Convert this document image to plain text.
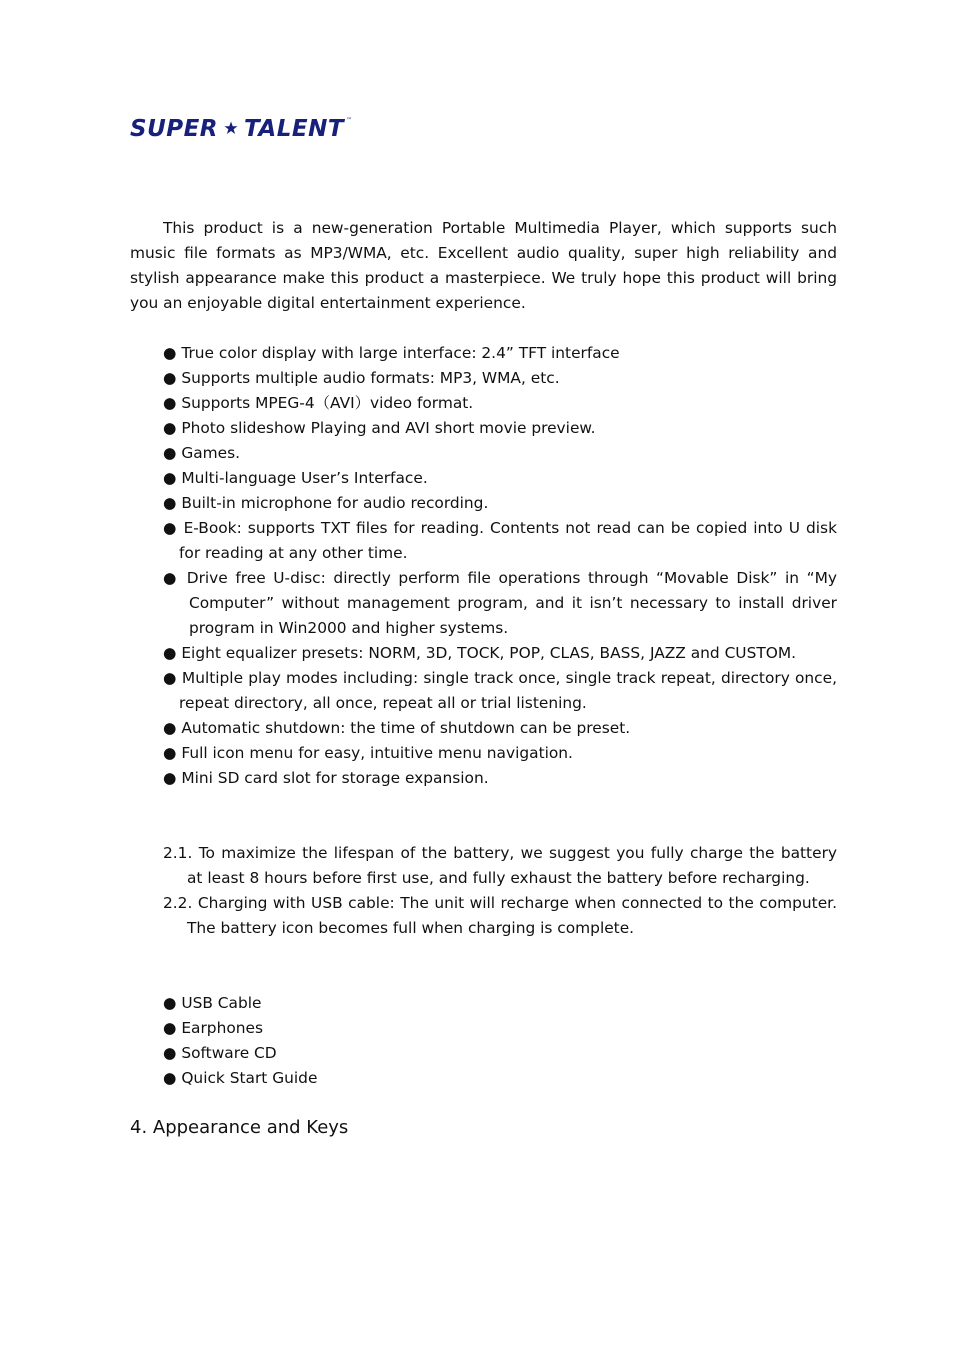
SUPER TALENT ™

This product is a new-generation Portable Multimedia Player, which supports such music file formats as MP3/WMA, etc. Excellent audio quality, super high reliability and stylish appearance make this product a masterpiece. We truly hope this product will bring you an enjoyable digital entertainment experience.

● True color display with large interface: 2.4” TFT interface
● Supports multiple audio formats: MP3, WMA, etc.
● Supports MPEG-4（AVI）video format.
● Photo slideshow Playing and AVI short movie preview.
● Games.
● Multi-language User’s Interface.
● Built-in microphone for audio recording.
● E-Book: supports TXT files for reading. Contents not read can be copied into U disk for reading at any other time.
● Drive free U-disc: directly perform file operations through “Movable Disk” in “My Computer” without management program, and it isn’t necessary to install driver program in Win2000 and higher systems.
● Eight equalizer presets: NORM, 3D, TOCK, POP, CLAS, BASS, JAZZ and CUSTOM.
● Multiple play modes including: single track once, single track repeat, directory once, repeat directory, all once, repeat all or trial listening.
● Automatic shutdown: the time of shutdown can be preset.
● Full icon menu for easy, intuitive menu navigation.
● Mini SD card slot for storage expansion.
2.1. To maximize the lifespan of the battery, we suggest you fully charge the battery at least 8 hours before first use, and fully exhaust the battery before recharging.
2.2. Charging with USB cable: The unit will recharge when connected to the computer. The battery icon becomes full when charging is complete.
● USB Cable
● Earphones
● Software CD
● Quick Start Guide
4. Appearance and Keys
